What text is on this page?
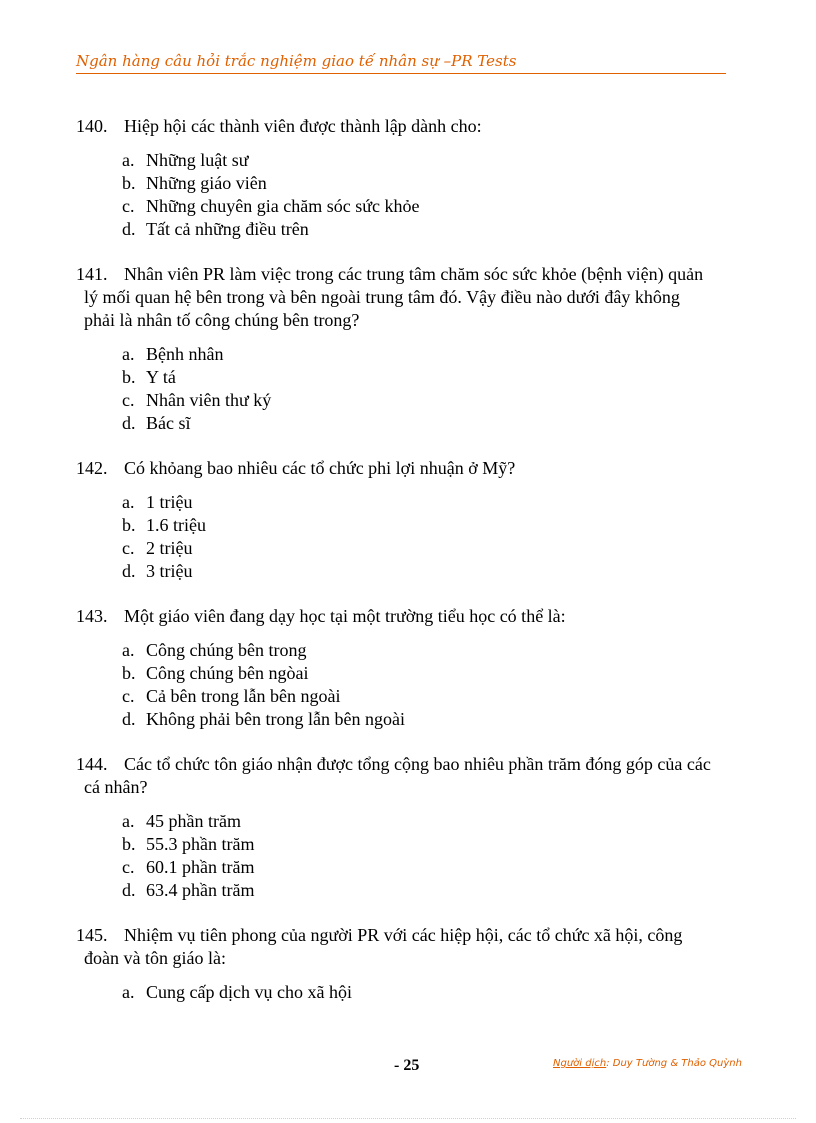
Ngân hàng câu hỏi trắc nghiệm giao tế nhân sự –PR Tests
140. Hiệp hội các thành viên được thành lập dành cho:
a. Những luật sư
b. Những giáo viên
c. Những chuyên gia chăm sóc sức khỏe
d. Tất cả những điều trên
141. Nhân viên PR làm việc trong các trung tâm chăm sóc sức khỏe (bệnh viện) quản
lý mối quan hệ bên trong và bên ngoài trung tâm đó. Vậy điều nào dưới đây không
phải là nhân tố công chúng bên trong?
a. Bệnh nhân
b. Y tá
c. Nhân viên thư ký
d. Bác sĩ
142. Có khỏang bao nhiêu các tổ chức phi lợi nhuận ở Mỹ?
a. 1 triệu
b. 1.6 triệu
c. 2 triệu
d. 3 triệu
143. Một giáo viên đang dạy học tại một trường tiểu học có thể là:
a. Công chúng bên trong
b. Công chúng bên ngòai
c. Cả bên trong lẫn bên ngoài
d. Không phải bên trong lẫn bên ngoài
144. Các tổ chức tôn giáo nhận được tổng cộng bao nhiêu phần trăm đóng góp của các
cá nhân?
a. 45 phần trăm
b. 55.3 phần trăm
c. 60.1 phần trăm
d. 63.4 phần trăm
145. Nhiệm vụ tiên phong của người PR với các hiệp hội, các tổ chức xã hội, công
đoàn và tôn giáo là:
a. Cung cấp dịch vụ cho xã hội
- 25	Người dịch: Duy Tường & Thảo Quỳnh
